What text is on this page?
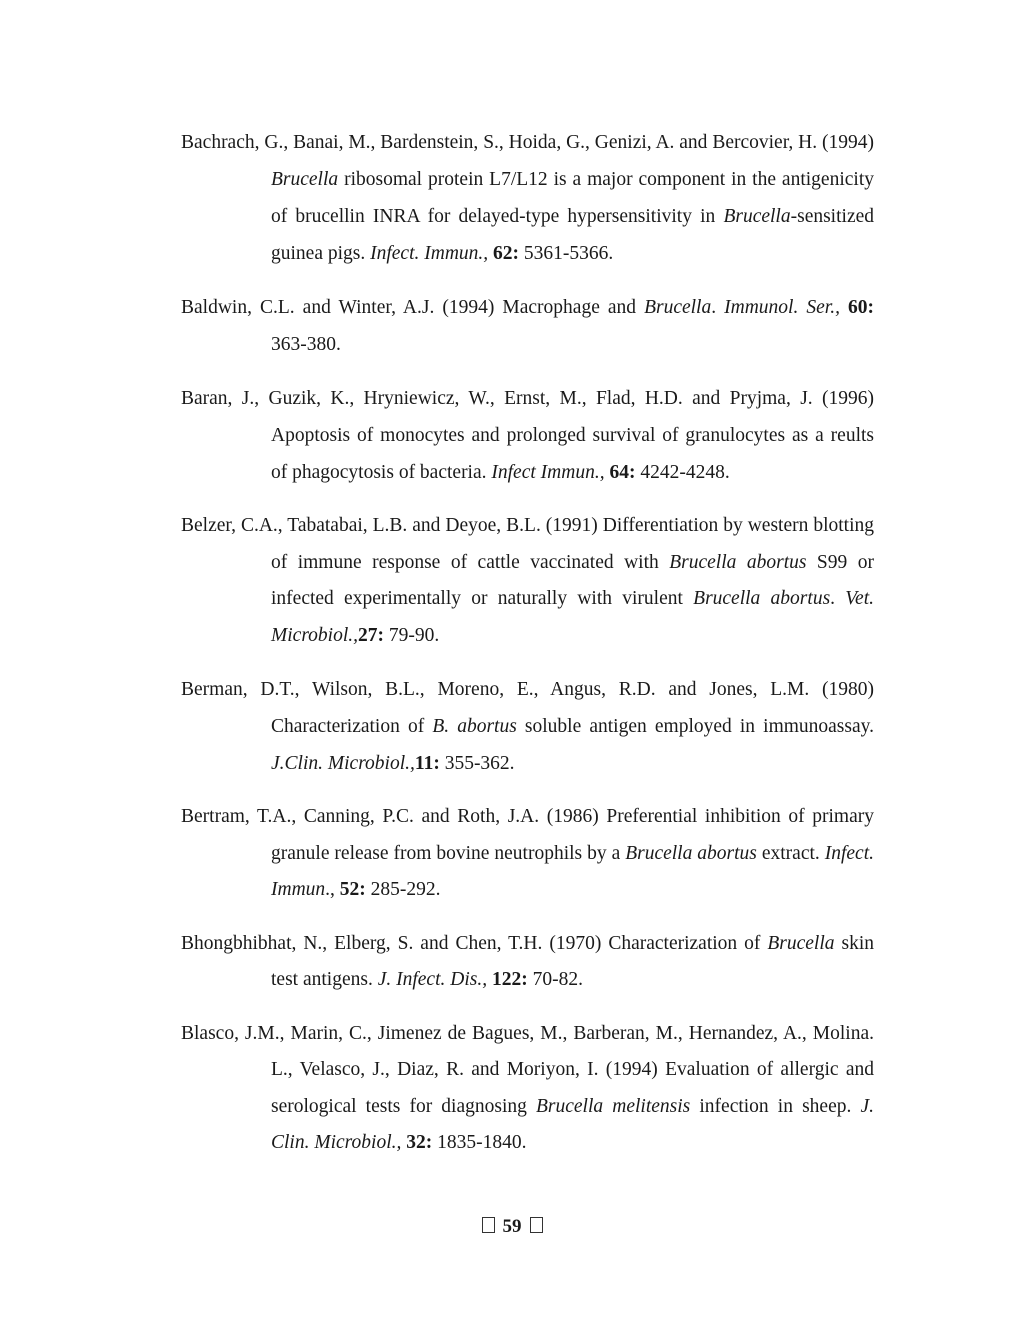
Bachrach, G., Banai, M., Bardenstein, S., Hoida, G., Genizi, A. and Bercovier, H. (1994) Brucella ribosomal protein L7/L12 is a major component in the antigenicity of brucellin INRA for delayed-type hypersensitivity in Brucella-sensitized guinea pigs. Infect. Immun., 62: 5361-5366.

Baldwin, C.L. and Winter, A.J. (1994) Macrophage and Brucella. Immunol. Ser., 60: 363-380.

Baran, J., Guzik, K., Hryniewicz, W., Ernst, M., Flad, H.D. and Pryjma, J. (1996) Apoptosis of monocytes and prolonged survival of granulocytes as a reults of phagocytosis of bacteria. Infect Immun., 64: 4242-4248.

Belzer, C.A., Tabatabai, L.B. and Deyoe, B.L. (1991) Differentiation by western blotting of immune response of cattle vaccinated with Brucella abortus S99 or infected experimentally or naturally with virulent Brucella abortus. Vet. Microbiol.,27: 79-90.

Berman, D.T., Wilson, B.L., Moreno, E., Angus, R.D. and Jones, L.M. (1980) Characterization of B. abortus soluble antigen employed in immunoassay. J.Clin. Microbiol.,11: 355-362.

Bertram, T.A., Canning, P.C. and Roth, J.A. (1986) Preferential inhibition of primary granule release from bovine neutrophils by a Brucella abortus extract. Infect. Immun., 52: 285-292.

Bhongbhibhat, N., Elberg, S. and Chen, T.H. (1970) Characterization of Brucella skin test antigens. J. Infect. Dis., 122: 70-82.

Blasco, J.M., Marin, C., Jimenez de Bagues, M., Barberan, M., Hernandez, A., Molina. L., Velasco, J., Diaz, R. and Moriyon, I. (1994) Evaluation of allergic and serological tests for diagnosing Brucella melitensis infection in sheep. J. Clin. Microbiol., 32: 1835-1840.

59
